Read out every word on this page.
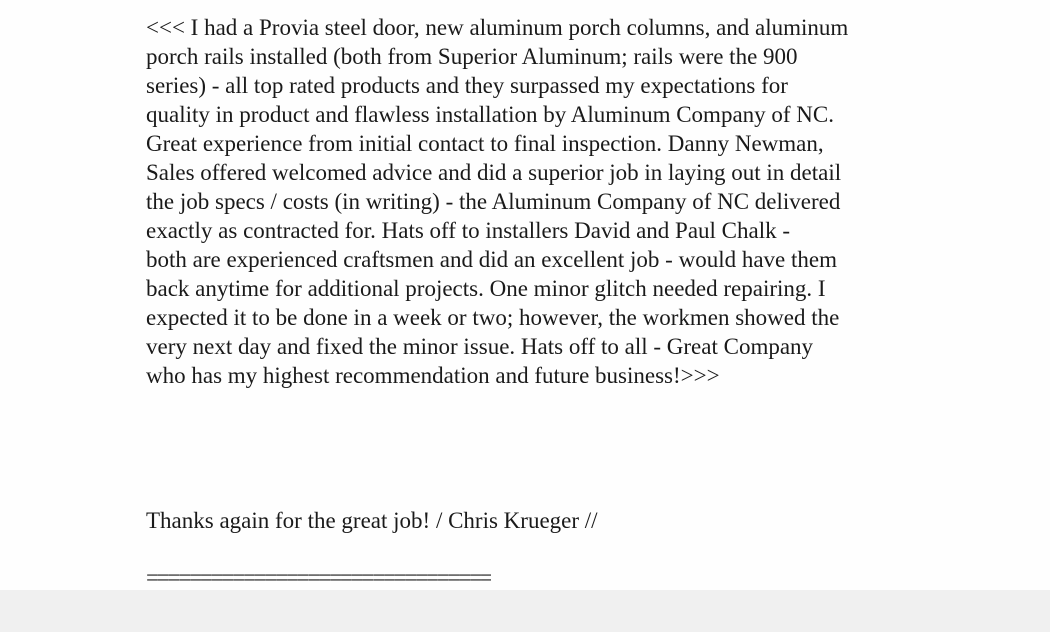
<<< I had a Provia steel door, new aluminum porch columns, and aluminum
porch rails installed (both from Superior Aluminum; rails were the 900
series) - all top rated products and they surpassed my expectations for
quality in product and flawless installation by Aluminum Company of NC.
Great experience from initial contact to final inspection. Danny Newman,
Sales offered welcomed advice and did a superior job in laying out in detail
the job specs / costs (in writing) - the Aluminum Company of NC delivered
exactly as contracted for. Hats off to installers David and Paul Chalk -
both are experienced craftsmen and did an excellent job - would have them
back anytime for additional projects. One minor glitch needed repairing. I
expected it to be done in a week or two; however, the workmen showed the
very next day and fixed the minor issue. Hats off to all - Great Company
who has my highest recommendation and future business!>>>

Thanks again for the great job! / Chris Krueger //

================================
